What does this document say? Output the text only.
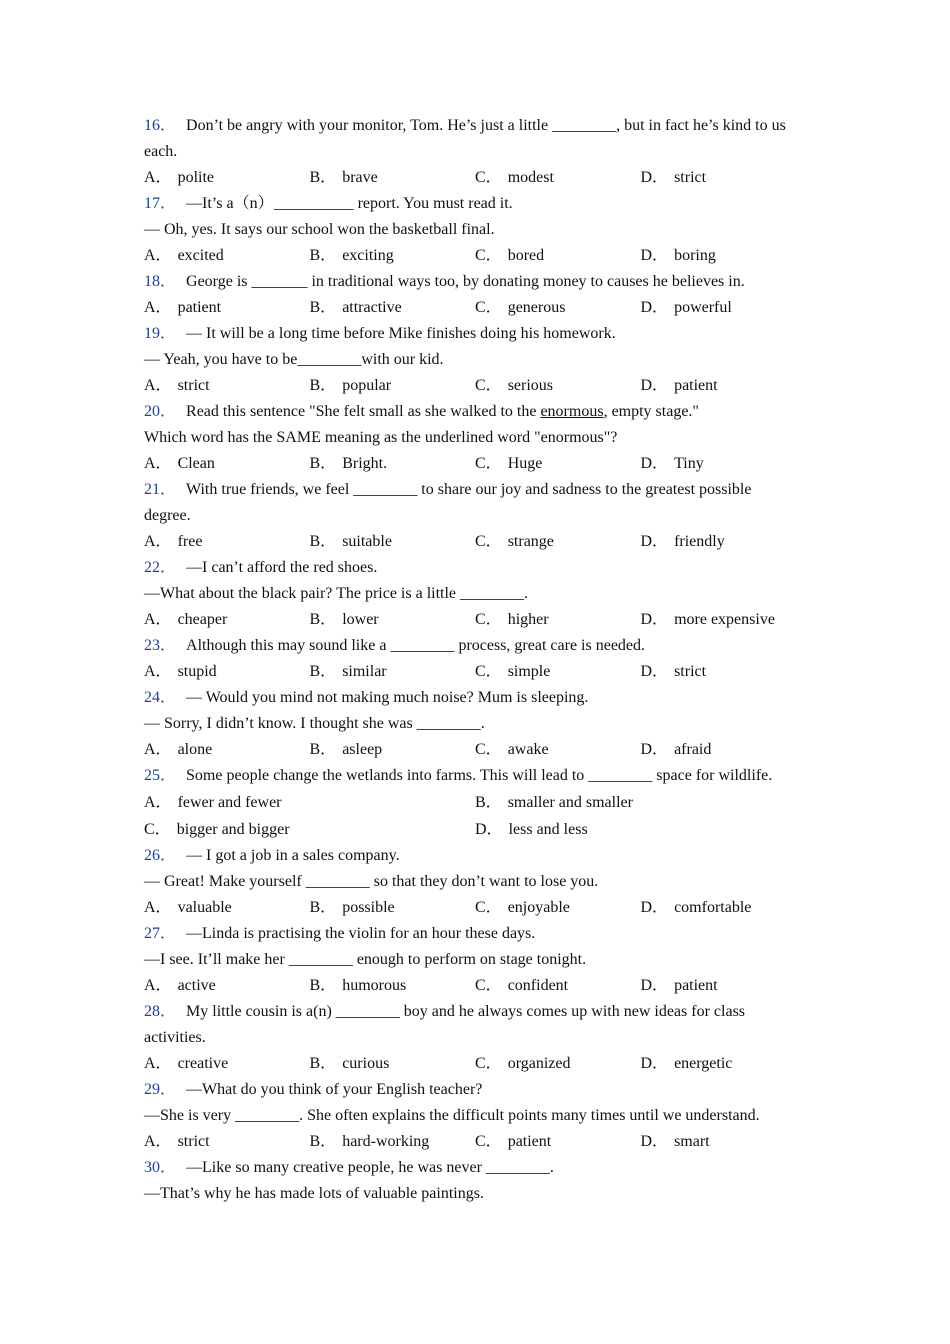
16． Don’t be angry with your monitor, Tom. He’s just a little ________, but in fact he’s kind to us

each.

A． polite	B． brave	C． modest	D． strict

17． —It’s a（n）__________ report. You must read it.

— Oh, yes. It says our school won the basketball final.

A． excited	B． exciting	C． bored	D． boring

18． George is _______ in traditional ways too, by donating money to causes he believes in.

A． patient	B． attractive	C． generous	D． powerful

19． — It will be a long time before Mike finishes doing his homework.

— Yeah, you have to be________with our kid.

A． strict	B． popular	C． serious	D． patient

20． Read this sentence "She felt small as she walked to the enormous, empty stage."

Which word has the SAME meaning as the underlined word "enormous"?

A． Clean	B． Bright.	C． Huge	D． Tiny

21． With true friends, we feel ________ to share our joy and sadness to the greatest possible

degree.

A． free	B． suitable	C． strange	D． friendly

22． —I can’t afford the red shoes.

—What about the black pair? The price is a little ________.

A． cheaper	B． lower	C． higher	D． more expensive

23． Although this may sound like a ________ process, great care is needed.

A． stupid	B． similar	C． simple	D． strict

24． — Would you mind not making much noise? Mum is sleeping.

— Sorry, I didn’t know. I thought she was ________.

A． alone	B． asleep	C． awake	D． afraid

25． Some people change the wetlands into farms. This will lead to ________ space for wildlife.

A． fewer and fewer	B． smaller and smaller
C． bigger and bigger	D． less and less

26． — I got a job in a sales company.

— Great! Make yourself ________ so that they don’t want to lose you.

A． valuable	B． possible	C． enjoyable	D． comfortable

27． —Linda is practising the violin for an hour these days.

—I see. It’ll make her ________ enough to perform on stage tonight.

A． active	B． humorous	C． confident	D． patient

28． My little cousin is a(n) ________ boy and he always comes up with new ideas for class

activities.

A． creative	B． curious	C． organized	D． energetic

29． —What do you think of your English teacher?

—She is very ________. She often explains the difficult points many times until we understand.

A． strict	B． hard-working	C． patient	D． smart

30． —Like so many creative people, he was never ________.

—That’s why he has made lots of valuable paintings.
